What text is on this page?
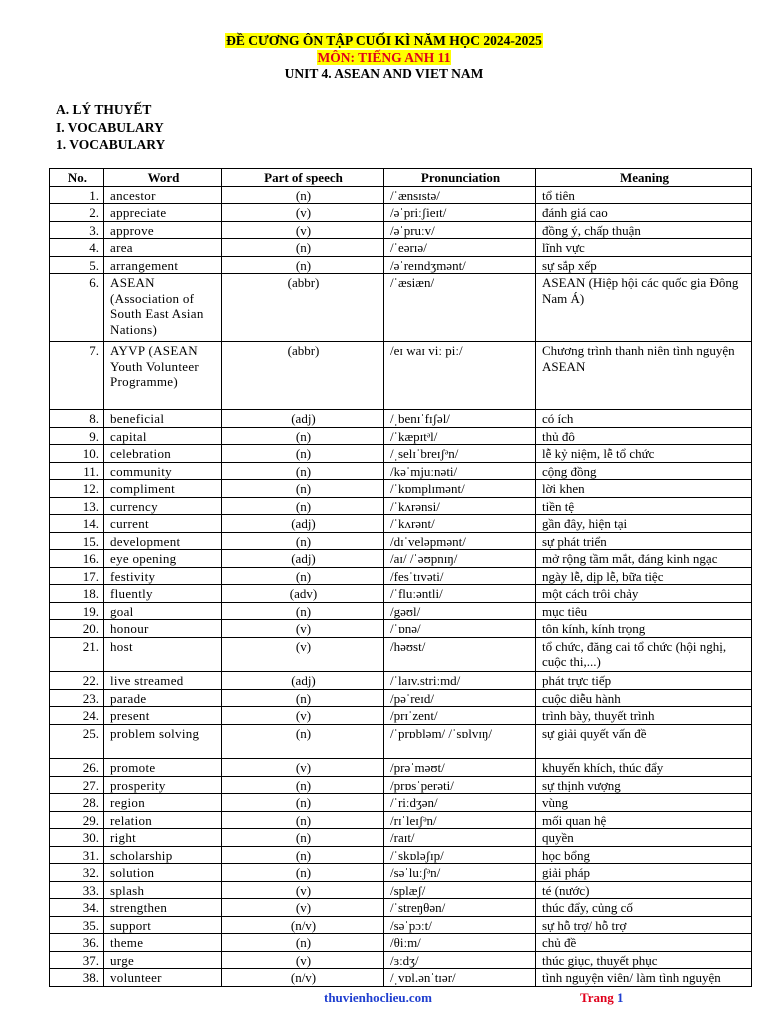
ĐỀ CƯƠNG ÔN TẬP CUỐI KÌ NĂM HỌC 2024-2025
MÔN: TIẾNG ANH 11
UNIT 4. ASEAN AND VIET NAM
A. LÝ THUYẾT
I. VOCABULARY
1. VOCABULARY
No.	Word	Part of speech	Pronunciation	Meaning
1.	ancestor	(n)	/ˈænsɪstə/	tổ tiên
2.	appreciate	(v)	/əˈpriːʃieɪt/	đánh giá cao
3.	approve	(v)	/əˈpruːv/	đồng ý, chấp thuận
4.	area	(n)	/ˈeərɪə/	lĩnh vực
5.	arrangement	(n)	/əˈreɪndʒmənt/	sự sắp xếp
6.	ASEAN (Association of South East Asian Nations)	(abbr)	/ˈæsiæn/	ASEAN (Hiệp hội các quốc gia Đông Nam Á)
7.	AYVP (ASEAN Youth Volunteer Programme)	(abbr)	/eɪ waɪ viː piː/	Chương trình thanh niên tình nguyện ASEAN
8.	beneficial	(adj)	/ˌbenɪˈfɪʃəl/	có ích
9.	capital	(n)	/ˈkæpɪtᵊl/	thủ đô
10.	celebration	(n)	/ˌselɪˈbreɪʃᵊn/	lễ kỷ niệm, lễ tổ chức
11.	community	(n)	/kəˈmjuːnəti/	cộng đồng
12.	compliment	(n)	/ˈkɒmplɪmənt/	lời khen
13.	currency	(n)	/ˈkʌrənsi/	tiền tệ
14.	current	(adj)	/ˈkʌrənt/	gần đây, hiện tại
15.	development	(n)	/dɪˈveləpmənt/	sự phát triển
16.	eye opening	(adj)	/aɪ/ /ˈəʊpnɪŋ/	mở rộng tầm mắt, đáng kinh ngạc
17.	festivity	(n)	/fesˈtɪvəti/	ngày lễ, dịp lễ, bữa tiệc
18.	fluently	(adv)	/ˈfluːəntli/	một cách trôi chảy
19.	goal	(n)	/gəʊl/	mục tiêu
20.	honour	(v)	/ˈɒnə/	tôn kính, kính trọng
21.	host	(v)	/həʊst/	tổ chức, đăng cai tổ chức (hội nghị, cuộc thi,...)
22.	live streamed	(adj)	/ˈlaɪv.striːmd/	phát trực tiếp
23.	parade	(n)	/pəˈreɪd/	cuộc diễu hành
24.	present	(v)	/prɪˈzent/	trình bày, thuyết trình
25.	problem solving	(n)	/ˈprɒbləm/ /ˈsɒlvɪŋ/	sự giải quyết vấn đề
26.	promote	(v)	/prəˈməʊt/	khuyến khích, thúc đẩy
27.	prosperity	(n)	/prɒsˈperəti/	sự thịnh vượng
28.	region	(n)	/ˈriːdʒən/	vùng
29.	relation	(n)	/rɪˈleɪʃᵊn/	mối quan hệ
30.	right	(n)	/raɪt/	quyền
31.	scholarship	(n)	/ˈskɒləʃɪp/	học bổng
32.	solution	(n)	/səˈluːʃᵊn/	giải pháp
33.	splash	(v)	/splæʃ/	té (nước)
34.	strengthen	(v)	/ˈstreŋθən/	thúc đẩy, củng cố
35.	support	(n/v)	/səˈpɔːt/	sự hỗ trợ/ hỗ trợ
36.	theme	(n)	/θiːm/	chủ đề
37.	urge	(v)	/ɜːdʒ/	thúc giục, thuyết phục
38.	volunteer	(n/v)	/ˌvɒl.ənˈtɪər/	tình nguyện viên/ làm tình nguyện
thuvienhoclieu.com	Trang 1
